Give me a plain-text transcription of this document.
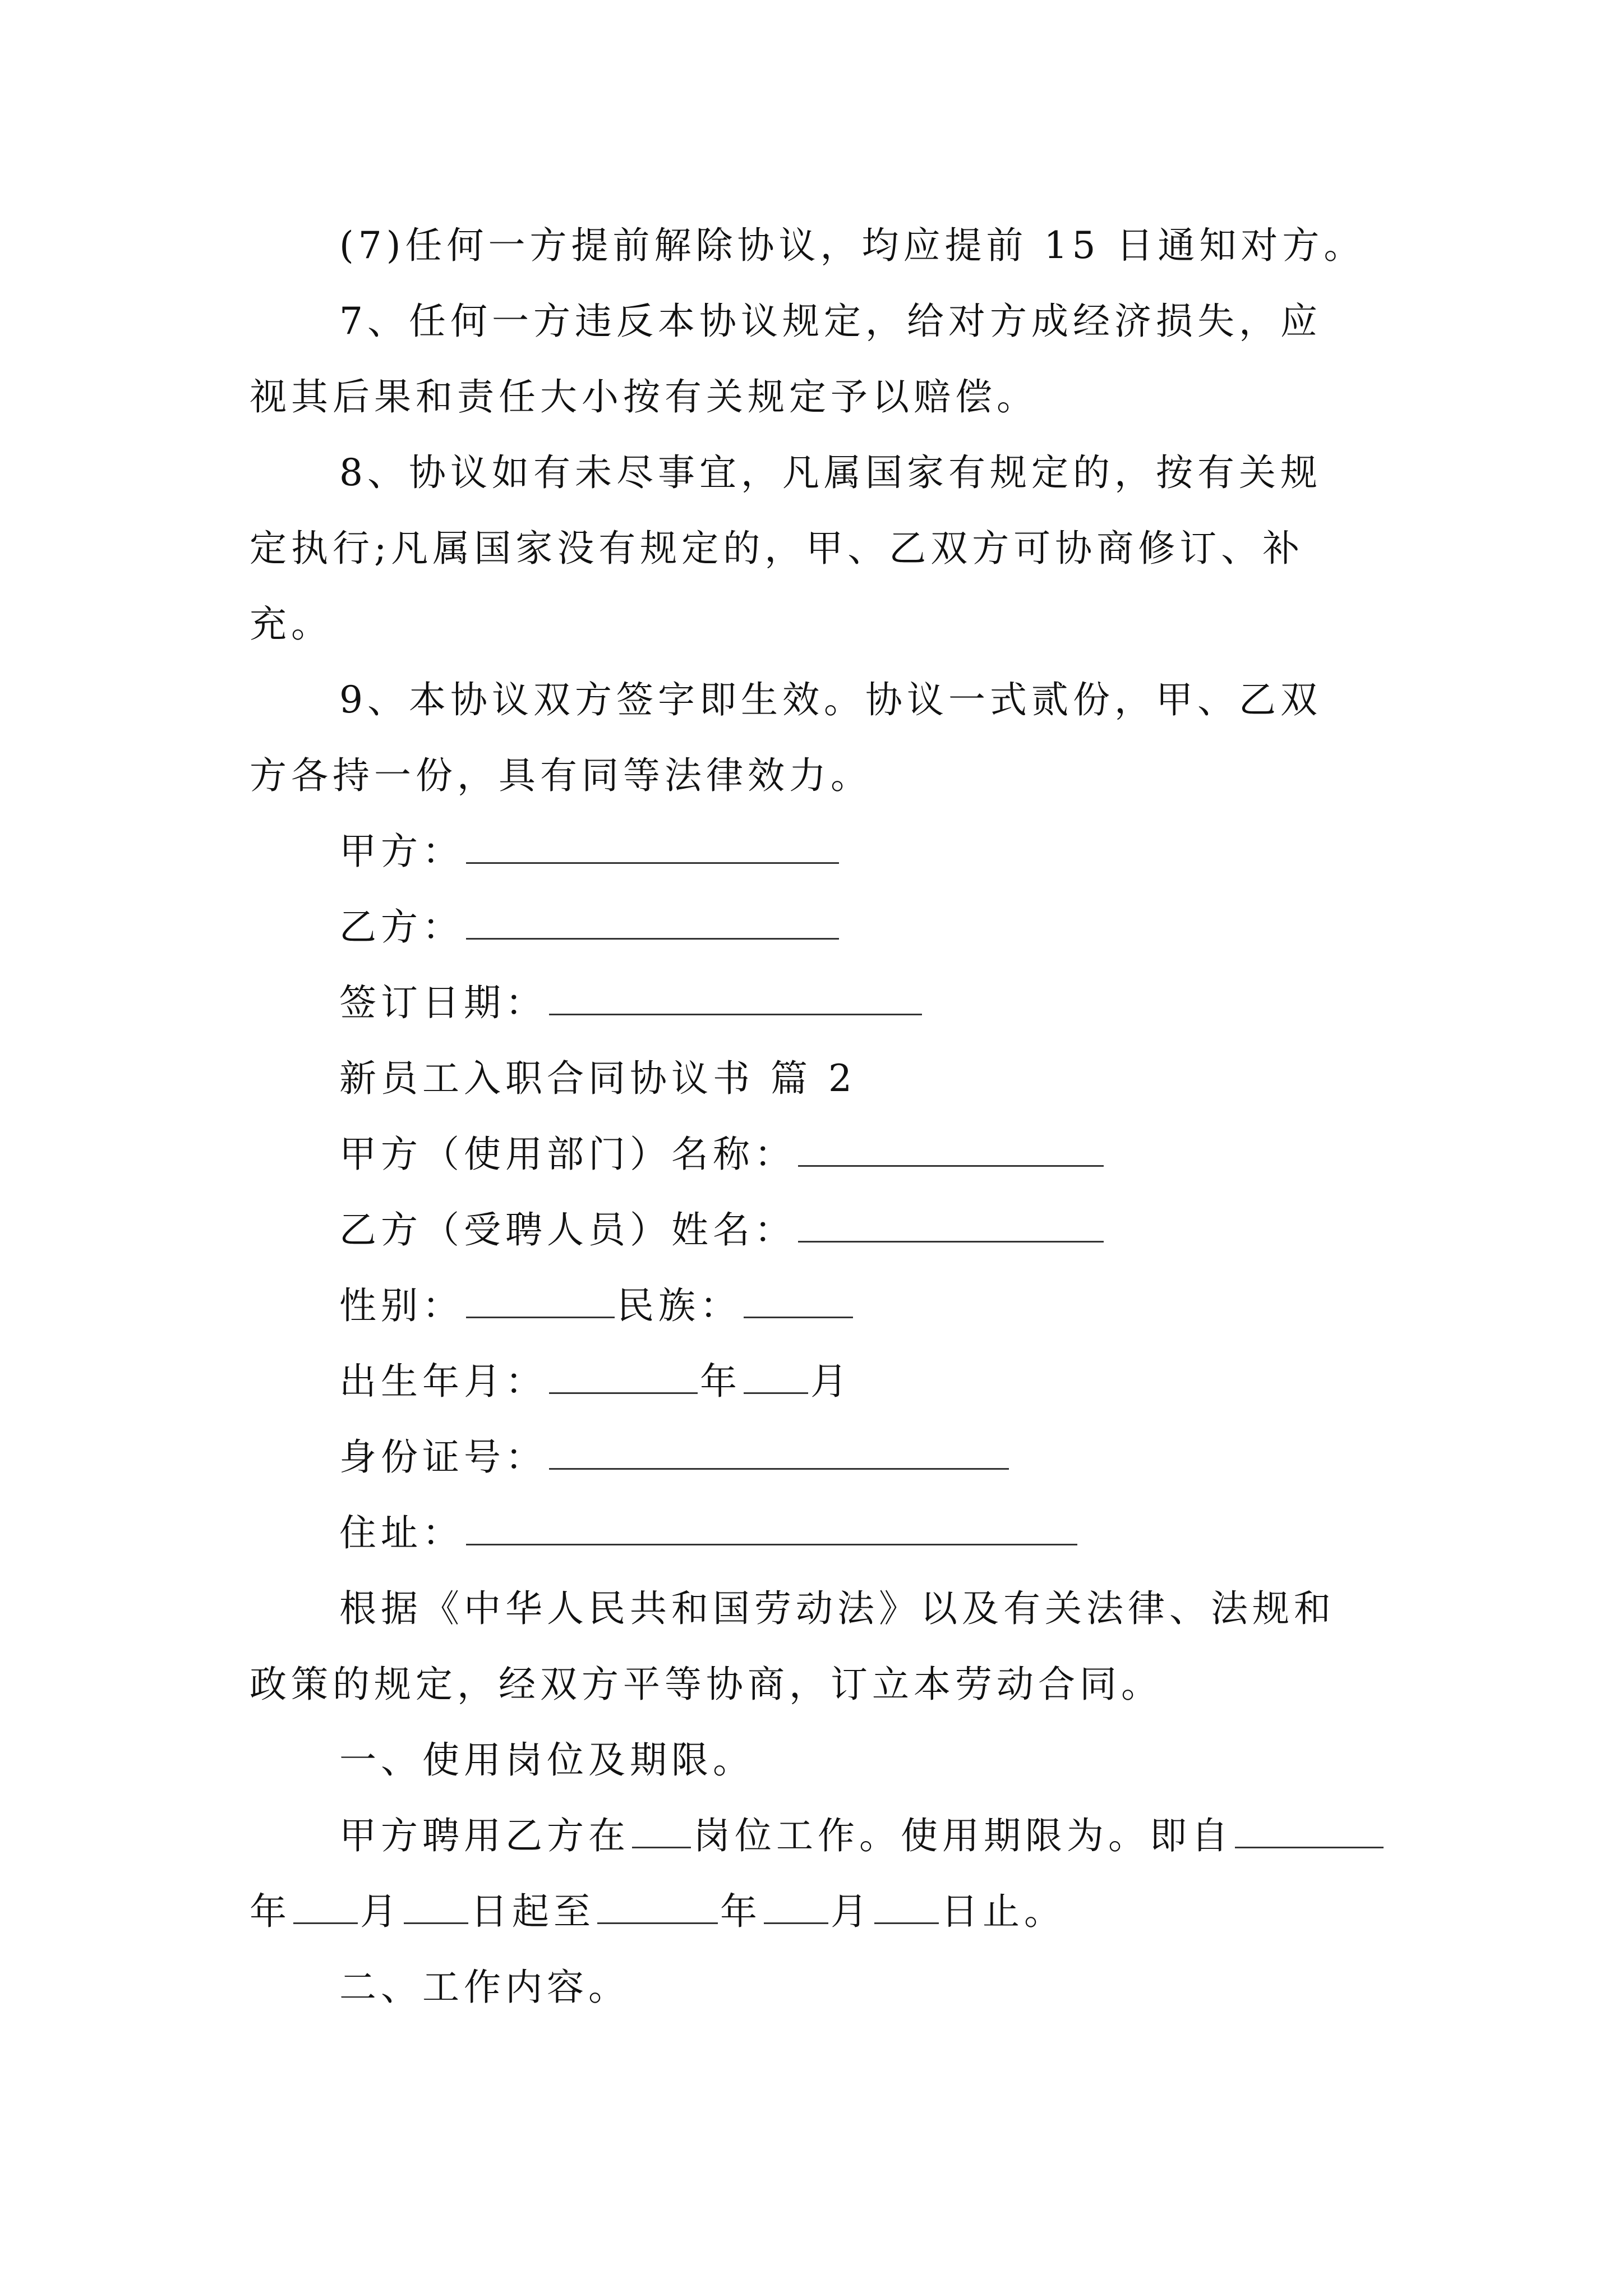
(7)任何一方提前解除协议，均应提前 15 日通知对方。
7、任何一方违反本协议规定，给对方成经济损失，应
视其后果和责任大小按有关规定予以赔偿。
8、协议如有未尽事宜，凡属国家有规定的，按有关规
定执行;凡属国家没有规定的，甲、乙双方可协商修订、补
充。
9、本协议双方签字即生效。协议一式贰份，甲、乙双
方各持一份，具有同等法律效力。
甲方：
乙方：
签订日期：
新员工入职合同协议书 篇 2
甲方（使用部门）名称：
乙方（受聘人员）姓名：
性别：	民族：
出生年月：	年 月
身份证号：
住址：
根据《中华人民共和国劳动法》以及有关法律、法规和
政策的规定，经双方平等协商，订立本劳动合同。
一、使用岗位及期限。
甲方聘用乙方在 岗位工作。使用期限为。即自
年 月 日起至	年 月 日止。
二、工作内容。
